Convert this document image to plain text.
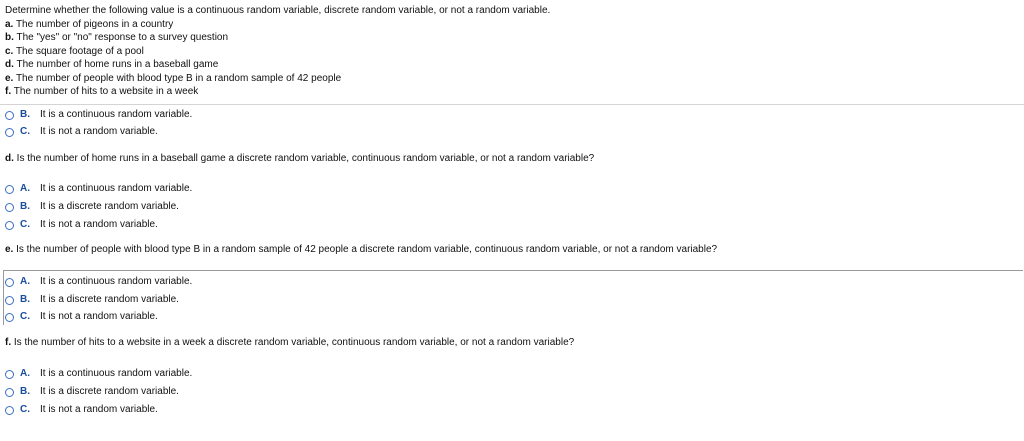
Determine whether the following value is a continuous random variable, discrete random variable, or not a random variable.
a. The number of pigeons in a country
b. The "yes" or "no" response to a survey question
c. The square footage of a pool
d. The number of home runs in a baseball game
e. The number of people with blood type B in a random sample of 42 people
f. The number of hits to a website in a week
B.	It is a continuous random variable.
C.	It is not a random variable.
d. Is the number of home runs in a baseball game a discrete random variable, continuous random variable, or not a random variable?
A.	It is a continuous random variable.
B.	It is a discrete random variable.
C.	It is not a random variable.
e. Is the number of people with blood type B in a random sample of 42 people a discrete random variable, continuous random variable, or not a random variable?
A.	It is a continuous random variable.
B.	It is a discrete random variable.
C.	It is not a random variable.
f. Is the number of hits to a website in a week a discrete random variable, continuous random variable, or not a random variable?
A.	It is a continuous random variable.
B.	It is a discrete random variable.
C.	It is not a random variable.
